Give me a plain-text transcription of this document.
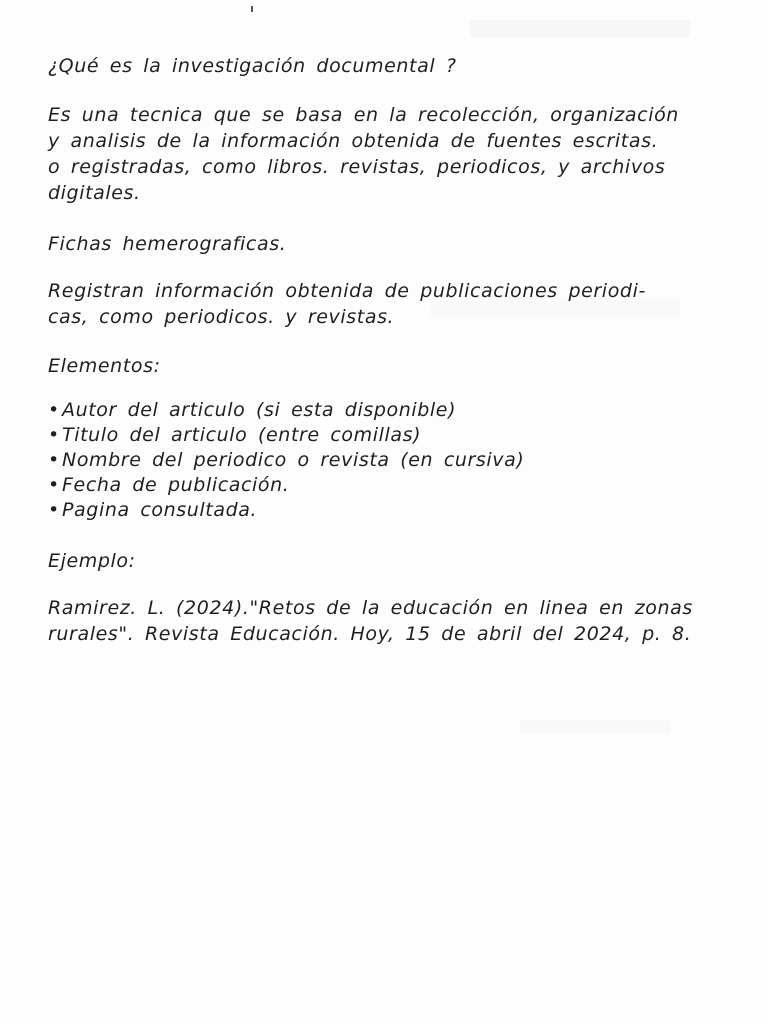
¿Qué es la investigación documental ?

Es una tecnica que se basa en la recolección, organización

y analisis de la información obtenida de fuentes escritas.

o registradas, como libros. revistas, periodicos, y archivos

digitales.

Fichas hemerograficas.

Registran información obtenida de publicaciones periodi-

cas, como periodicos. y revistas.

Elementos:

• Autor del articulo (si esta disponible)
• Titulo del articulo (entre comillas)
• Nombre del periodico o revista (en cursiva)
• Fecha de publicación.
• Pagina consultada.

Ejemplo:

Ramirez. L. (2024)."Retos de la educación en linea en zonas

rurales". Revista Educación. Hoy, 15 de abril del 2024, p. 8.
